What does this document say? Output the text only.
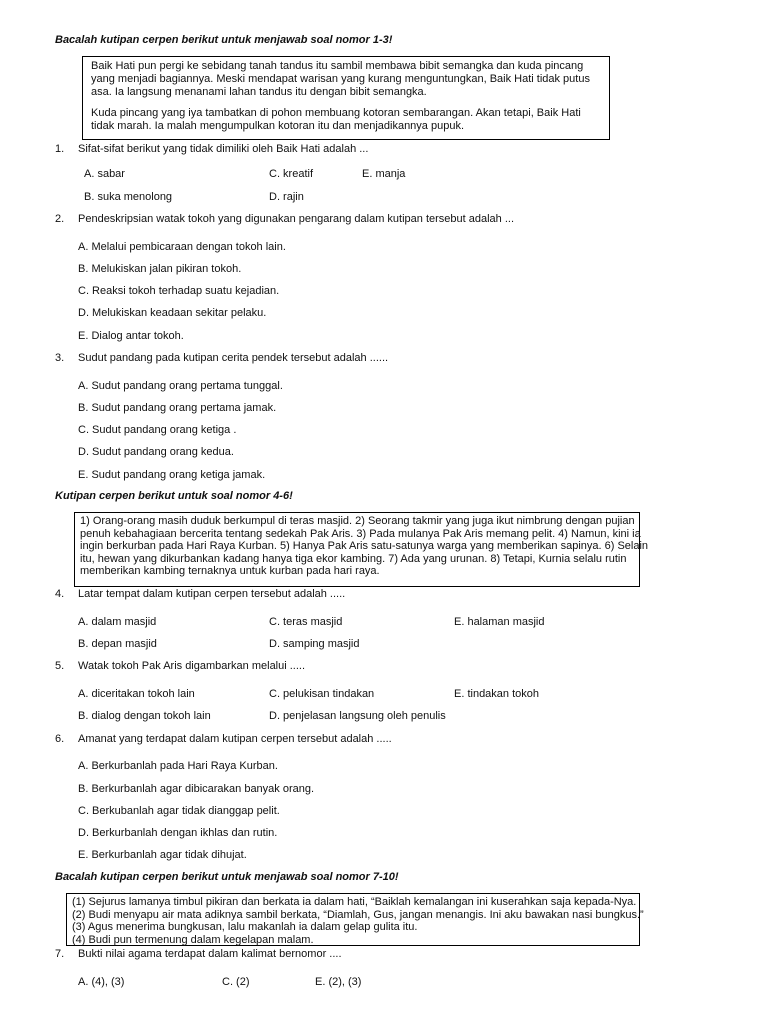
Bacalah kutipan cerpen berikut untuk menjawab soal nomor 1-3!

Baik Hati pun pergi ke sebidang tanah tandus itu sambil membawa bibit semangka dan kuda pincang yang menjadi bagiannya. Meski mendapat warisan yang kurang menguntungkan, Baik Hati tidak putus asa. Ia langsung menanami lahan tandus itu dengan bibit semangka.

Kuda pincang yang iya tambatkan di pohon membuang kotoran sembarangan. Akan tetapi, Baik Hati tidak marah. Ia malah mengumpulkan kotoran itu dan menjadikannya pupuk.

1. Sifat-sifat berikut yang tidak dimiliki oleh Baik Hati adalah ...
A. sabar
B. suka menolong
C. kreatif
D. rajin
E. manja
2. Pendeskripsian watak tokoh yang digunakan pengarang dalam kutipan tersebut adalah ...
A. Melalui pembicaraan dengan tokoh lain.
B. Melukiskan jalan pikiran tokoh.
C. Reaksi tokoh terhadap suatu kejadian.
D. Melukiskan keadaan sekitar pelaku.
E. Dialog antar tokoh.
3. Sudut pandang pada kutipan cerita pendek tersebut adalah ......
A. Sudut pandang orang pertama tunggal.
B. Sudut pandang orang pertama jamak.
C. Sudut pandang orang ketiga .
D. Sudut pandang orang kedua.
E. Sudut pandang orang ketiga jamak.
Kutipan cerpen berikut untuk soal nomor 4-6!
1) Orang-orang masih duduk berkumpul di teras masjid. 2) Seorang takmir yang juga ikut nimbrung dengan pujian
penuh kebahagiaan bercerita tentang sedekah Pak Aris. 3) Pada mulanya Pak Aris memang pelit. 4) Namun, kini ia
ingin berkurban pada Hari Raya Kurban. 5) Hanya Pak Aris satu-satunya warga yang memberikan sapinya. 6) Selain
itu, hewan yang dikurbankan kadang hanya tiga ekor kambing. 7) Ada yang urunan. 8) Tetapi, Kurnia selalu rutin
memberikan kambing ternaknya untuk kurban pada hari raya.
4. Latar tempat dalam kutipan cerpen tersebut adalah .....
A. dalam masjid
B. depan masjid
C. teras masjid
D. samping masjid
E. halaman masjid
5. Watak tokoh Pak Aris digambarkan melalui .....
A. diceritakan tokoh lain
B. dialog dengan tokoh lain
C. pelukisan tindakan
D. penjelasan langsung oleh penulis
E. tindakan tokoh
6. Amanat yang terdapat dalam kutipan cerpen tersebut adalah .....
A. Berkurbanlah pada Hari Raya Kurban.
B. Berkurbanlah agar dibicarakan banyak orang.
C. Berkubanlah agar tidak dianggap pelit.
D. Berkurbanlah dengan ikhlas dan rutin.
E. Berkurbanlah agar tidak dihujat.
Bacalah kutipan cerpen berikut untuk menjawab soal nomor 7-10!
(1) Sejurus lamanya timbul pikiran dan berkata ia dalam hati, “Baiklah kemalangan ini kuserahkan saja kepada-Nya.
(2) Budi menyapu air mata adiknya sambil berkata, “Diamlah, Gus, jangan menangis. Ini aku bawakan nasi bungkus.”
(3) Agus menerima bungkusan, lalu makanlah ia dalam gelap gulita itu.
(4) Budi pun termenung dalam kegelapan malam.
7. Bukti nilai agama terdapat dalam kalimat bernomor ....
A. (4), (3)	C. (2)	E. (2), (3)
